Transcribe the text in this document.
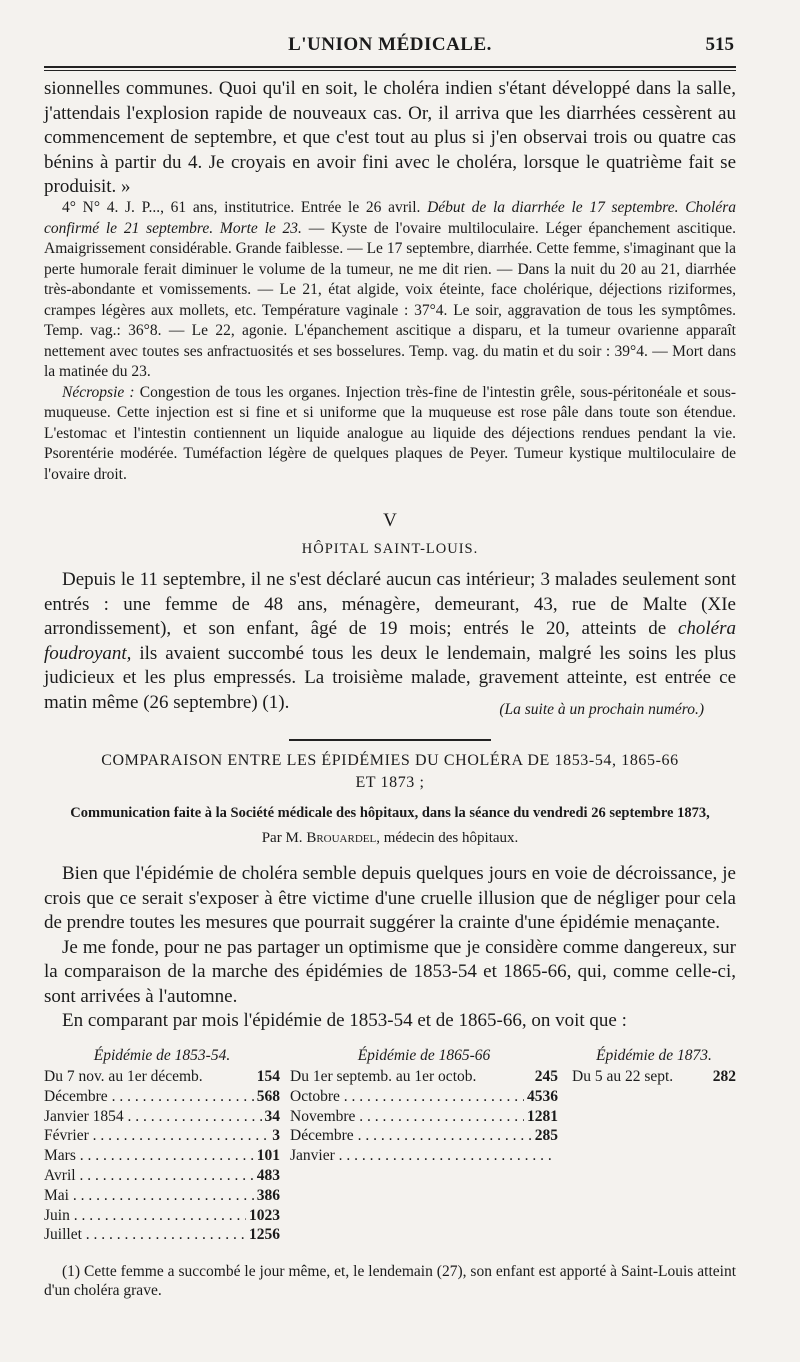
L'UNION MÉDICALE.	515

sionnelles communes. Quoi qu'il en soit, le choléra indien s'étant développé dans la salle, j'attendais l'explosion rapide de nouveaux cas. Or, il arriva que les diarrhées cessèrent au commencement de septembre, et que c'est tout au plus si j'en observai trois ou quatre cas bénins à partir du 4. Je croyais en avoir fini avec le choléra, lorsque le quatrième fait se produisit. »

4° N° 4. J. P..., 61 ans, institutrice. Entrée le 26 avril. Début de la diarrhée le 17 septembre. Choléra confirmé le 21 septembre. Morte le 23. — Kyste de l'ovaire multiloculaire. Léger épanchement ascitique. Amaigrissement considérable. Grande faiblesse. — Le 17 septembre, diarrhée. Cette femme, s'imaginant que la perte humorale ferait diminuer le volume de la tumeur, ne me dit rien. — Dans la nuit du 20 au 21, diarrhée très-abondante et vomissements. — Le 21, état algide, voix éteinte, face cholérique, déjections riziformes, crampes légères aux mollets, etc. Température vaginale : 37°4. Le soir, aggravation de tous les symptômes. Temp. vag.: 36°8. — Le 22, agonie. L'épanchement ascitique a disparu, et la tumeur ovarienne apparaît nettement avec toutes ses anfractuosités et ses bosselures. Temp. vag. du matin et du soir : 39°4. — Mort dans la matinée du 23.

Nécropsie : Congestion de tous les organes. Injection très-fine de l'intestin grêle, sous-péritonéale et sous-muqueuse. Cette injection est si fine et si uniforme que la muqueuse est rose pâle dans toute son étendue. L'estomac et l'intestin contiennent un liquide analogue au liquide des déjections rendues pendant la vie. Psorentérie modérée. Tuméfaction légère de quelques plaques de Peyer. Tumeur kystique multiloculaire de l'ovaire droit.

V
HÔPITAL SAINT-LOUIS.

Depuis le 11 septembre, il ne s'est déclaré aucun cas intérieur; 3 malades seulement sont entrés : une femme de 48 ans, ménagère, demeurant, 43, rue de Malte (XIe arrondissement), et son enfant, âgé de 19 mois; entrés le 20, atteints de choléra foudroyant, ils avaient succombé tous les deux le lendemain, malgré les soins les plus judicieux et les plus empressés. La troisième malade, gravement atteinte, est entrée ce matin même (26 septembre) (1).	(La suite à un prochain numéro.)
COMPARAISON ENTRE LES ÉPIDÉMIES DU CHOLÉRA DE 1853-54, 1865-66
ET 1873 ;
Communication faite à la Société médicale des hôpitaux, dans la séance du vendredi 26 septembre 1873,
Par M. Brouardel, médecin des hôpitaux.

Bien que l'épidémie de choléra semble depuis quelques jours en voie de décroissance, je crois que ce serait s'exposer à être victime d'une cruelle illusion que de négliger pour cela de prendre toutes les mesures que pourrait suggérer la crainte d'une épidémie menaçante.

Je me fonde, pour ne pas partager un optimisme que je considère comme dangereux, sur la comparaison de la marche des épidémies de 1853-54 et 1865-66, qui, comme celle-ci, sont arrivées à l'automne.

En comparant par mois l'épidémie de 1853-54 et de 1865-66, on voit que :

Épidémie de 1853-54.
Du 7 nov. au 1er décemb.	154
Décembre . . .	568
Janvier 1854 . . .	34
Février . . .	3
Mars . . .	101
Avril . . .	483
Mai . . .	386
Juin . . .	1023
Juillet . . .	1256
Épidémie de 1865-66
Du 1er septemb. au 1er octob.	245
Octobre . . .	4536
Novembre . . .	1281
Décembre . . .	285
Janvier . . .
Épidémie de 1873.
Du 5 au 22 sept.	282

(1) Cette femme a succombé le jour même, et, le lendemain (27), son enfant est apporté à Saint-Louis atteint d'un choléra grave.
